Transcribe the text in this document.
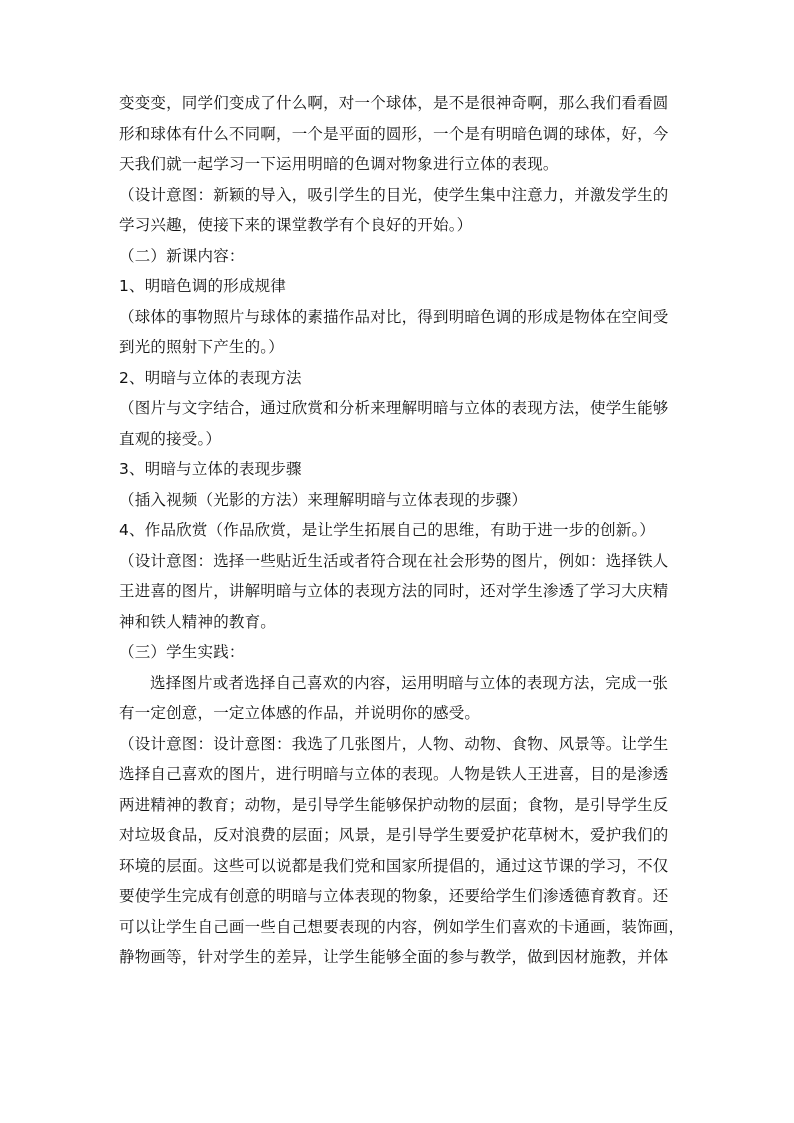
变变变，同学们变成了什么啊，对一个球体，是不是很神奇啊，那么我们看看圆
形和球体有什么不同啊，一个是平面的圆形，一个是有明暗色调的球体，好，今
天我们就一起学习一下运用明暗的色调对物象进行立体的表现。
（设计意图：新颖的导入，吸引学生的目光，使学生集中注意力，并激发学生的
学习兴趣，使接下来的课堂教学有个良好的开始。）
（二）新课内容：
1、明暗色调的形成规律
（球体的事物照片与球体的素描作品对比，得到明暗色调的形成是物体在空间受
到光的照射下产生的。）
2、明暗与立体的表现方法
（图片与文字结合，通过欣赏和分析来理解明暗与立体的表现方法，使学生能够
直观的接受。）
3、明暗与立体的表现步骤
（插入视频（光影的方法）来理解明暗与立体表现的步骤）
4、作品欣赏（作品欣赏，是让学生拓展自己的思维，有助于进一步的创新。）
（设计意图：选择一些贴近生活或者符合现在社会形势的图片，例如：选择铁人
王进喜的图片，讲解明暗与立体的表现方法的同时，还对学生渗透了学习大庆精
神和铁人精神的教育。
（三）学生实践：
选择图片或者选择自己喜欢的内容，运用明暗与立体的表现方法，完成一张
有一定创意，一定立体感的作品，并说明你的感受。
（设计意图：设计意图：我选了几张图片，人物、动物、食物、风景等。让学生
选择自己喜欢的图片，进行明暗与立体的表现。人物是铁人王进喜，目的是渗透
两进精神的教育；动物，是引导学生能够保护动物的层面；食物，是引导学生反
对垃圾食品，反对浪费的层面；风景，是引导学生要爱护花草树木，爱护我们的
环境的层面。这些可以说都是我们党和国家所提倡的，通过这节课的学习，不仅
要使学生完成有创意的明暗与立体表现的物象，还要给学生们渗透德育教育。还
可以让学生自己画一些自己想要表现的内容，例如学生们喜欢的卡通画，装饰画，
静物画等，针对学生的差异，让学生能够全面的参与教学，做到因材施教，并体
